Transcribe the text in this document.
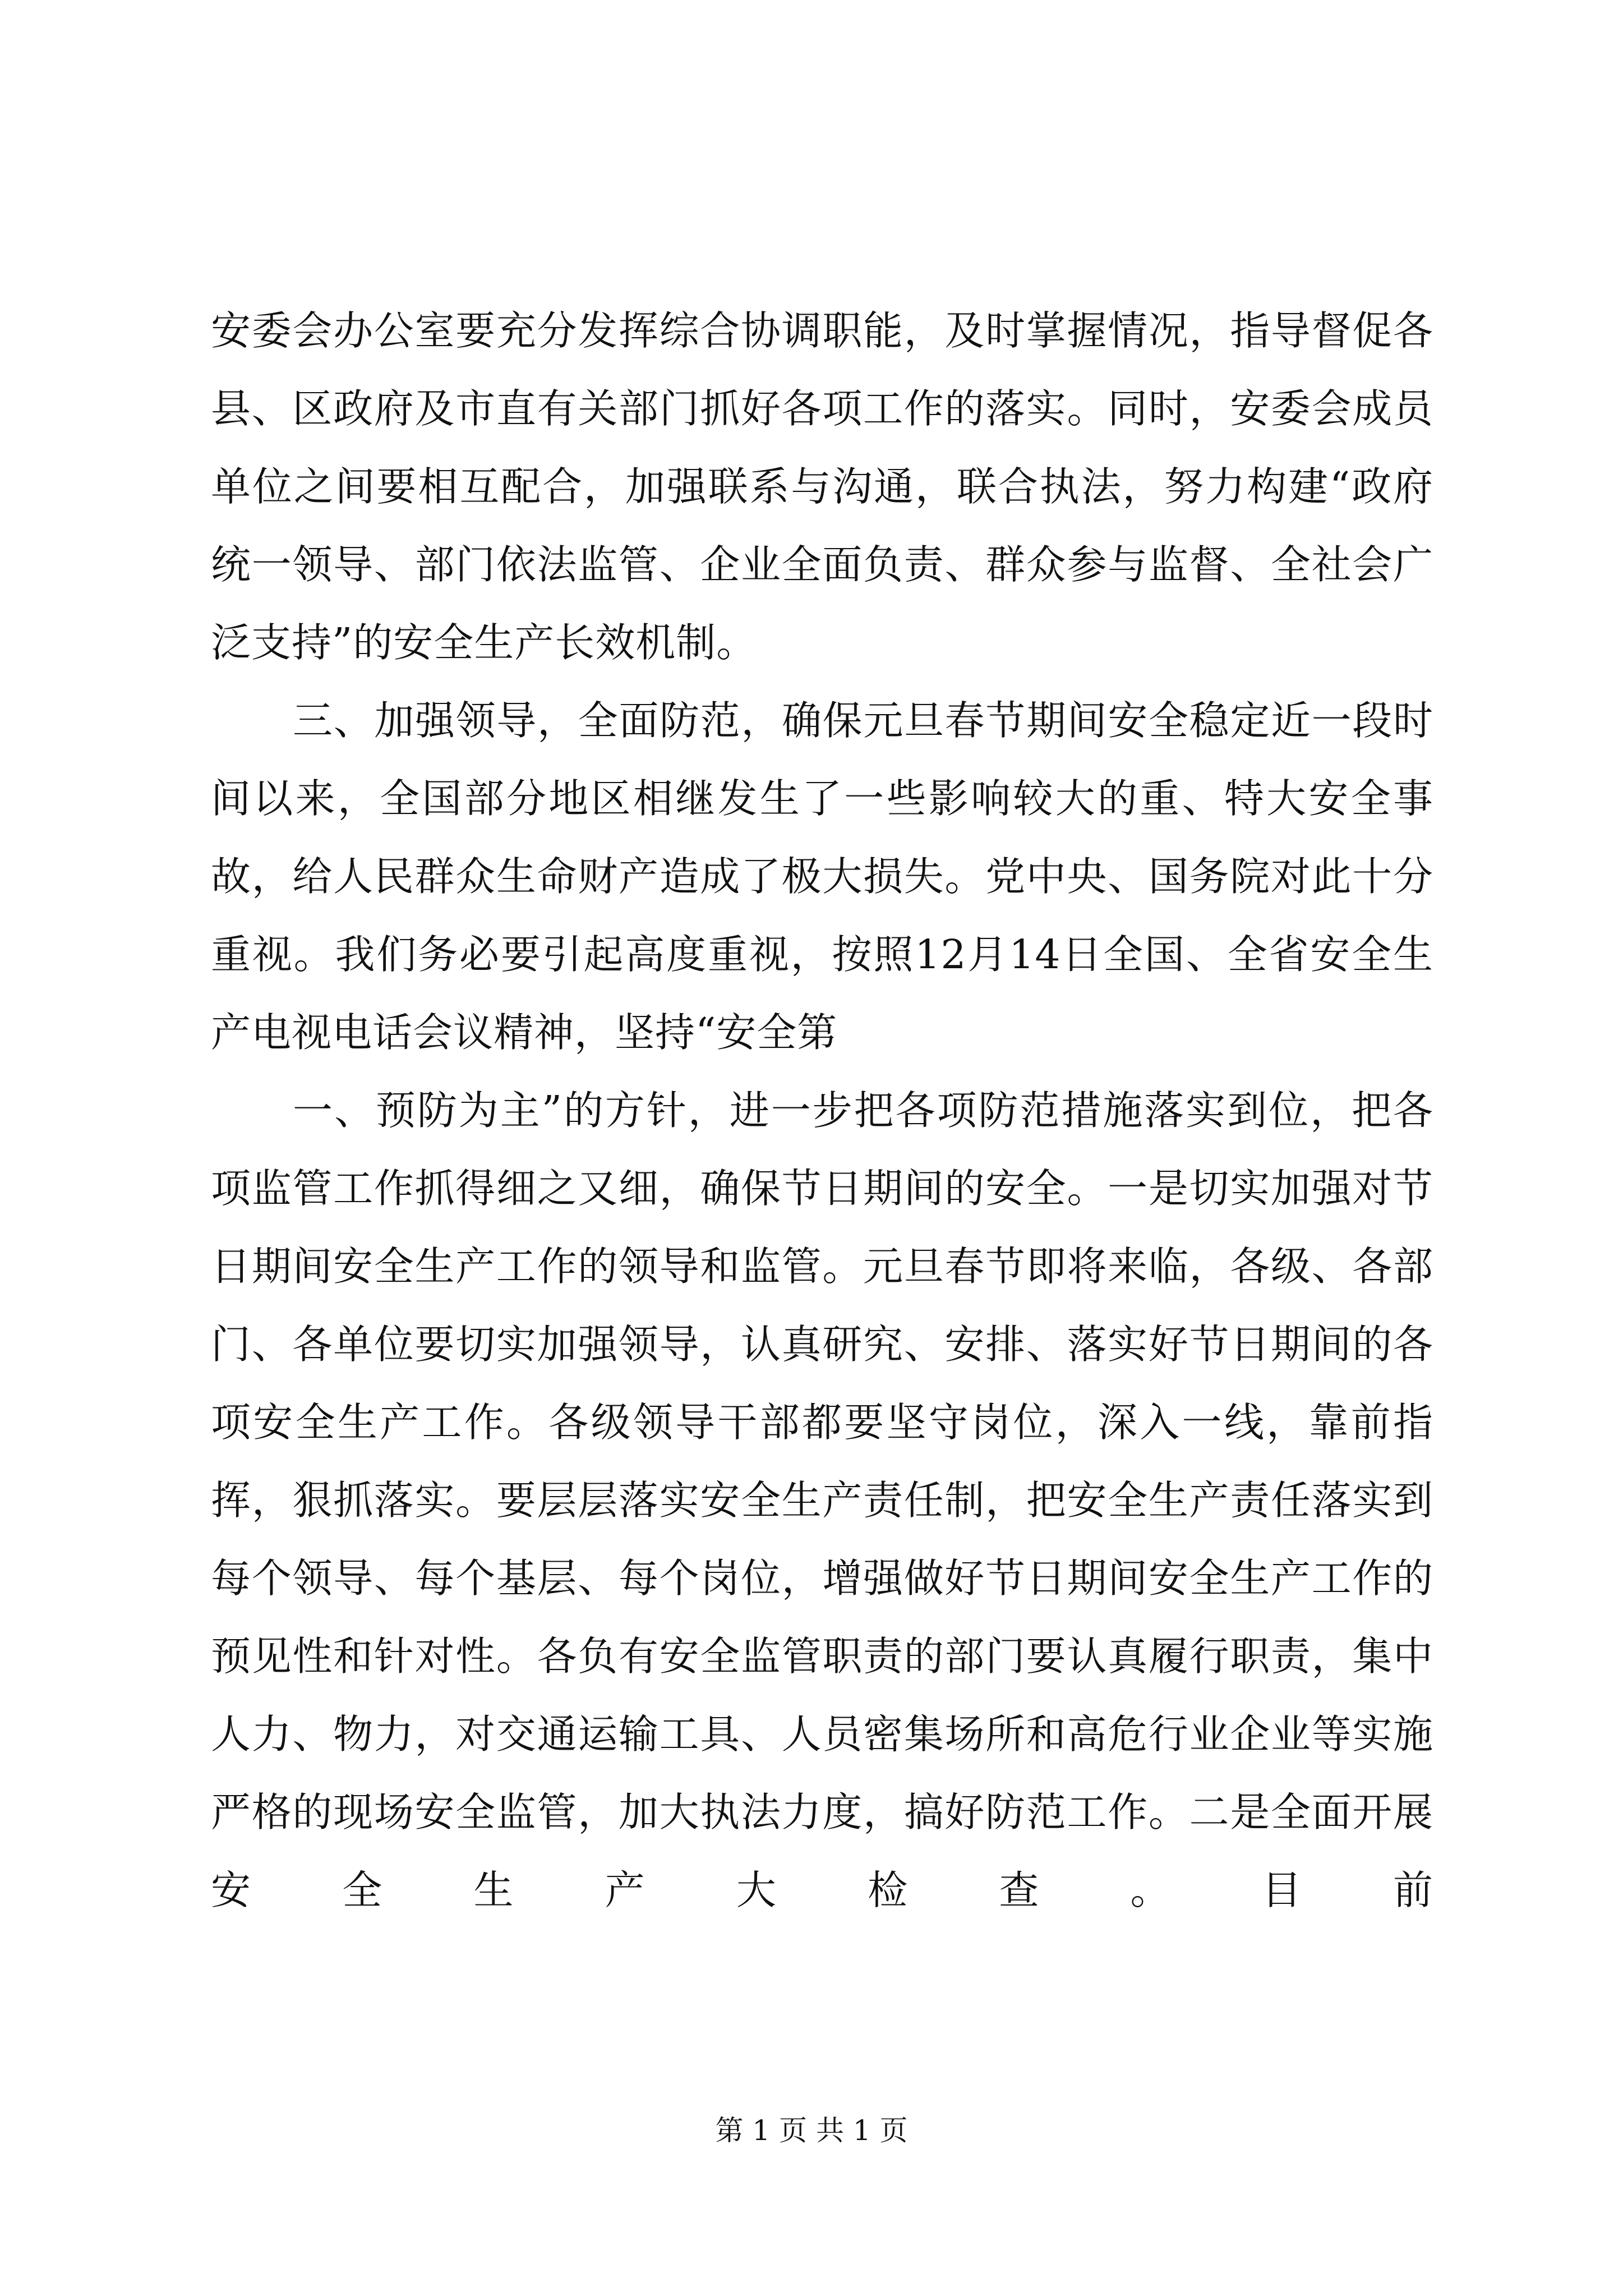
安委会办公室要充分发挥综合协调职能，及时掌握情况，指导督促各县、区政府及市直有关部门抓好各项工作的落实。同时，安委会成员单位之间要相互配合，加强联系与沟通，联合执法，努力构建“政府统一领导、部门依法监管、企业全面负责、群众参与监督、全社会广泛支持”的安全生产长效机制。

三、加强领导，全面防范，确保元旦春节期间安全稳定近一段时间以来，全国部分地区相继发生了一些影响较大的重、特大安全事故，给人民群众生命财产造成了极大损失。党中央、国务院对此十分重视。我们务必要引起高度重视，按照12月14日全国、全省安全生产电视电话会议精神，坚持“安全第

一、预防为主”的方针，进一步把各项防范措施落实到位，把各项监管工作抓得细之又细，确保节日期间的安全。一是切实加强对节日期间安全生产工作的领导和监管。元旦春节即将来临，各级、各部门、各单位要切实加强领导，认真研究、安排、落实好节日期间的各项安全生产工作。各级领导干部都要坚守岗位，深入一线，靠前指挥，狠抓落实。要层层落实安全生产责任制，把安全生产责任落实到每个领导、每个基层、每个岗位，增强做好节日期间安全生产工作的预见性和针对性。各负有安全监管职责的部门要认真履行职责，集中人力、物力，对交通运输工具、人员密集场所和高危行业企业等实施严格的现场安全监管，加大执法力度，搞好防范工作。二是全面开展安全生产大检查。目前

第 1 页 共 1 页
